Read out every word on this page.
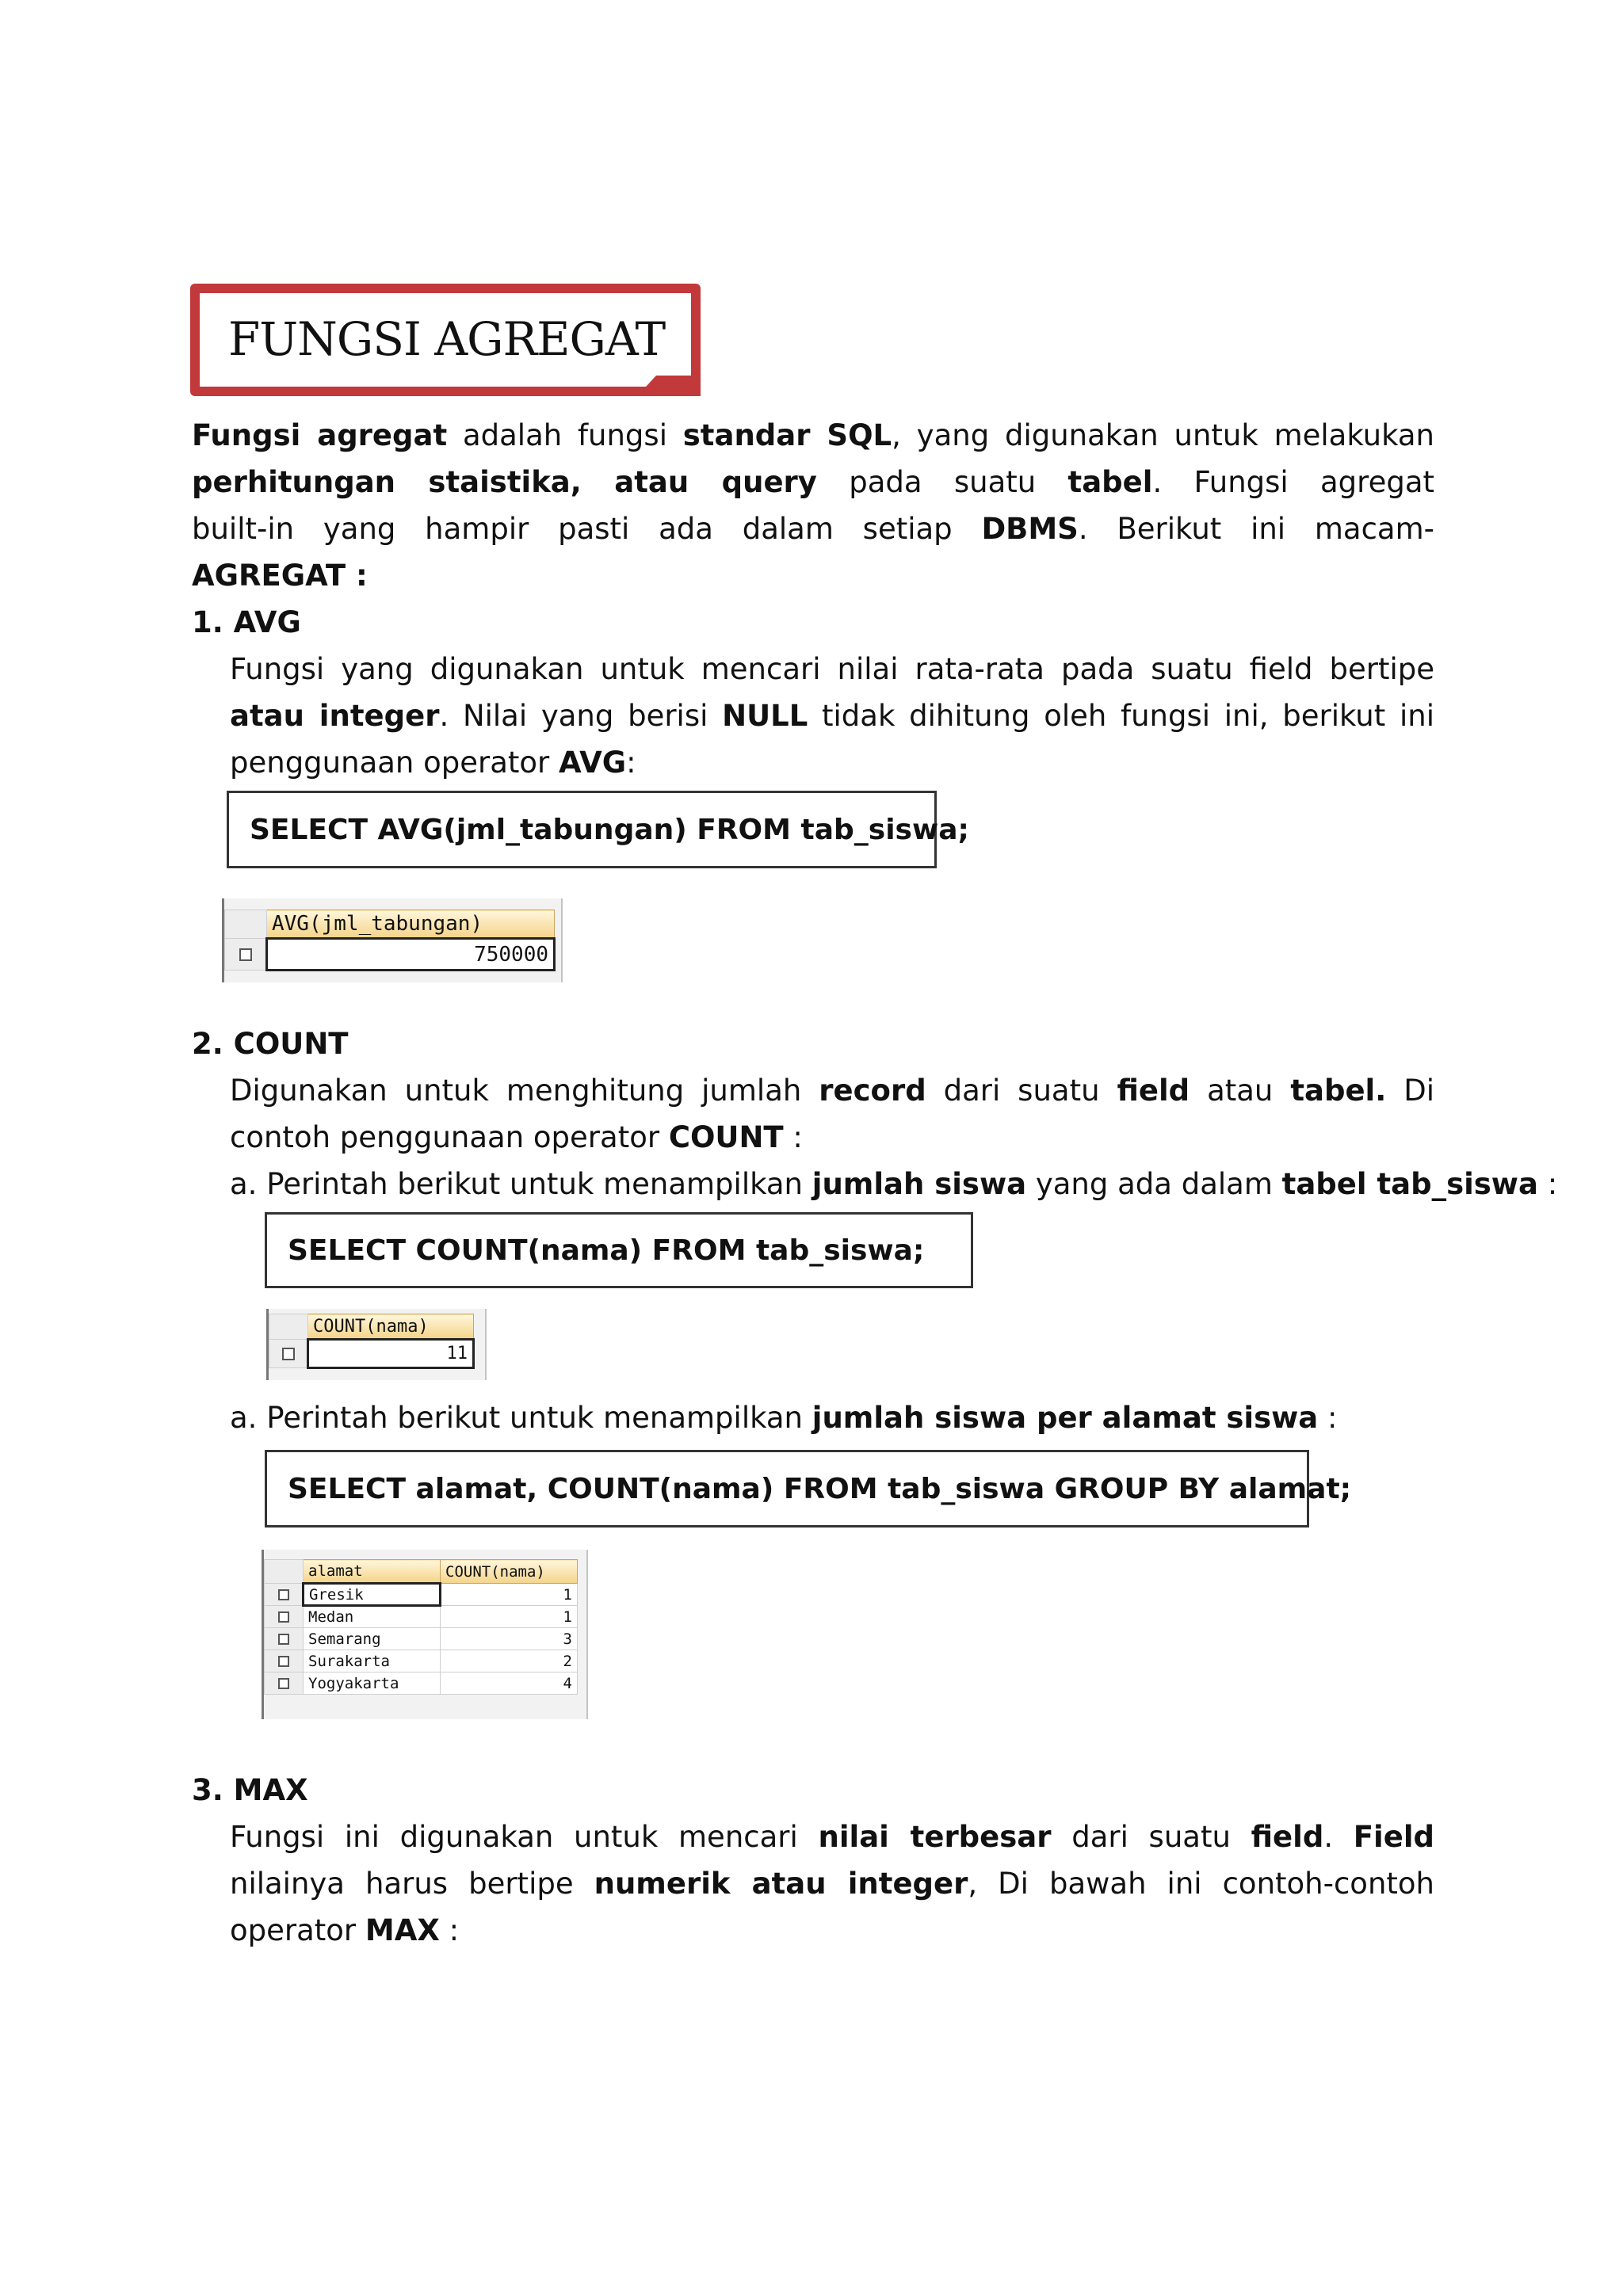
FUNGSI AGREGAT
Fungsi agregat adalah fungsi standar SQL, yang digunakan untuk melakukan
perhitungan staistika, atau query pada suatu tabel. Fungsi agregat
built-in yang hampir pasti ada dalam setiap DBMS. Berikut ini macam-
AGREGAT :
1. AVG
Fungsi yang digunakan untuk mencari nilai rata-rata pada suatu field bertipe
atau integer. Nilai yang berisi NULL tidak dihitung oleh fungsi ini, berikut ini
penggunaan operator AVG:
SELECT AVG(jml_tabungan) FROM tab_siswa;
	AVG(jml_tabungan)
	750000
2. COUNT
Digunakan untuk menghitung jumlah record dari suatu field atau tabel. Di
contoh penggunaan operator COUNT :
a. Perintah berikut untuk menampilkan jumlah siswa yang ada dalam tabel tab_siswa :
SELECT COUNT(nama) FROM tab_siswa;
	COUNT(nama)
	11
a. Perintah berikut untuk menampilkan jumlah siswa per alamat siswa :
SELECT alamat, COUNT(nama) FROM tab_siswa GROUP BY alamat;
	alamat	COUNT(nama)
	Gresik	1
	Medan	1
	Semarang	3
	Surakarta	2
	Yogyakarta	4
3. MAX
Fungsi ini digunakan untuk mencari nilai terbesar dari suatu field. Field
nilainya harus bertipe numerik atau integer, Di bawah ini contoh-contoh
operator MAX :
